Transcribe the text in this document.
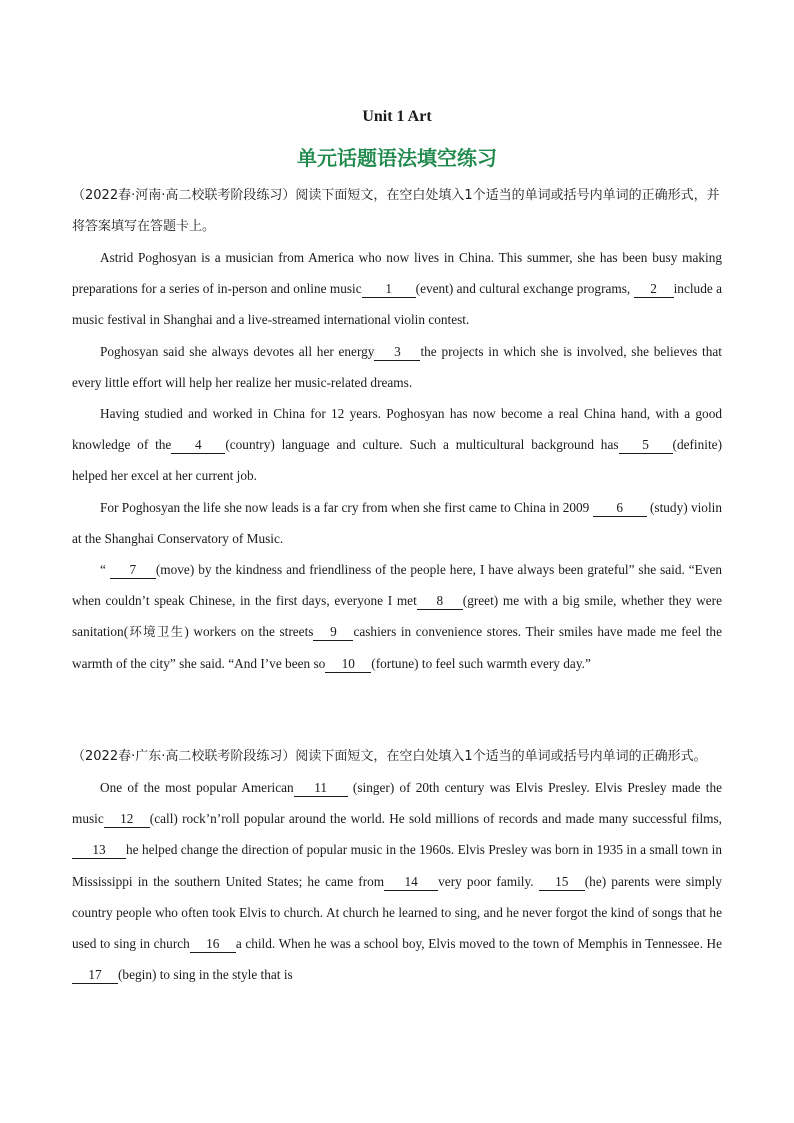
Unit 1 Art
单元话题语法填空练习

（2022春·河南·高二校联考阶段练习）阅读下面短文，在空白处填入1个适当的单词或括号内单词的正确形式，并将答案填写在答题卡上。

Astrid Poghosyan is a musician from America who now lives in China. This summer, she has been busy making preparations for a series of in-person and online music 1 (event) and cultural exchange programs, 2 include a music festival in Shanghai and a live-streamed international violin contest.

Poghosyan said she always devotes all her energy 3 the projects in which she is involved, she believes that every little effort will help her realize her music-related dreams.

Having studied and worked in China for 12 years. Poghosyan has now become a real China hand, with a good knowledge of the 4 (country) language and culture. Such a multicultural background has 5 (definite) helped her excel at her current job.

For Poghosyan the life she now leads is a far cry from when she first came to China in 2009 6 (study) violin at the Shanghai Conservatory of Music.

“ 7 (move) by the kindness and friendliness of the people here, I have always been grateful” she said. “Even when couldn’t speak Chinese, in the first days, everyone I met 8 (greet) me with a big smile, whether they were sanitation(环境卫生) workers on the streets 9 cashiers in convenience stores. Their smiles have made me feel the warmth of the city” she said. “And I’ve been so 10 (fortune) to feel such warmth every day.”

（2022春·广东·高二校联考阶段练习）阅读下面短文，在空白处填入1个适当的单词或括号内单词的正确形式。

One of the most popular American 11 (singer) of 20th century was Elvis Presley. Elvis Presley made the music 12 (call) rock’n’roll popular around the world. He sold millions of records and made many successful films,13 he helped change the direction of popular music in the 1960s. Elvis Presley was born in 1935 in a small town in Mississippi in the southern United States; he came from 14 very poor family. 15 (he) parents were simply country people who often took Elvis to church. At church he learned to sing, and he never forgot the kind of songs that he used to sing in church 16 a child. When he was a school boy, Elvis moved to the town of Memphis in Tennessee. He17 (begin) to sing in the style that is
